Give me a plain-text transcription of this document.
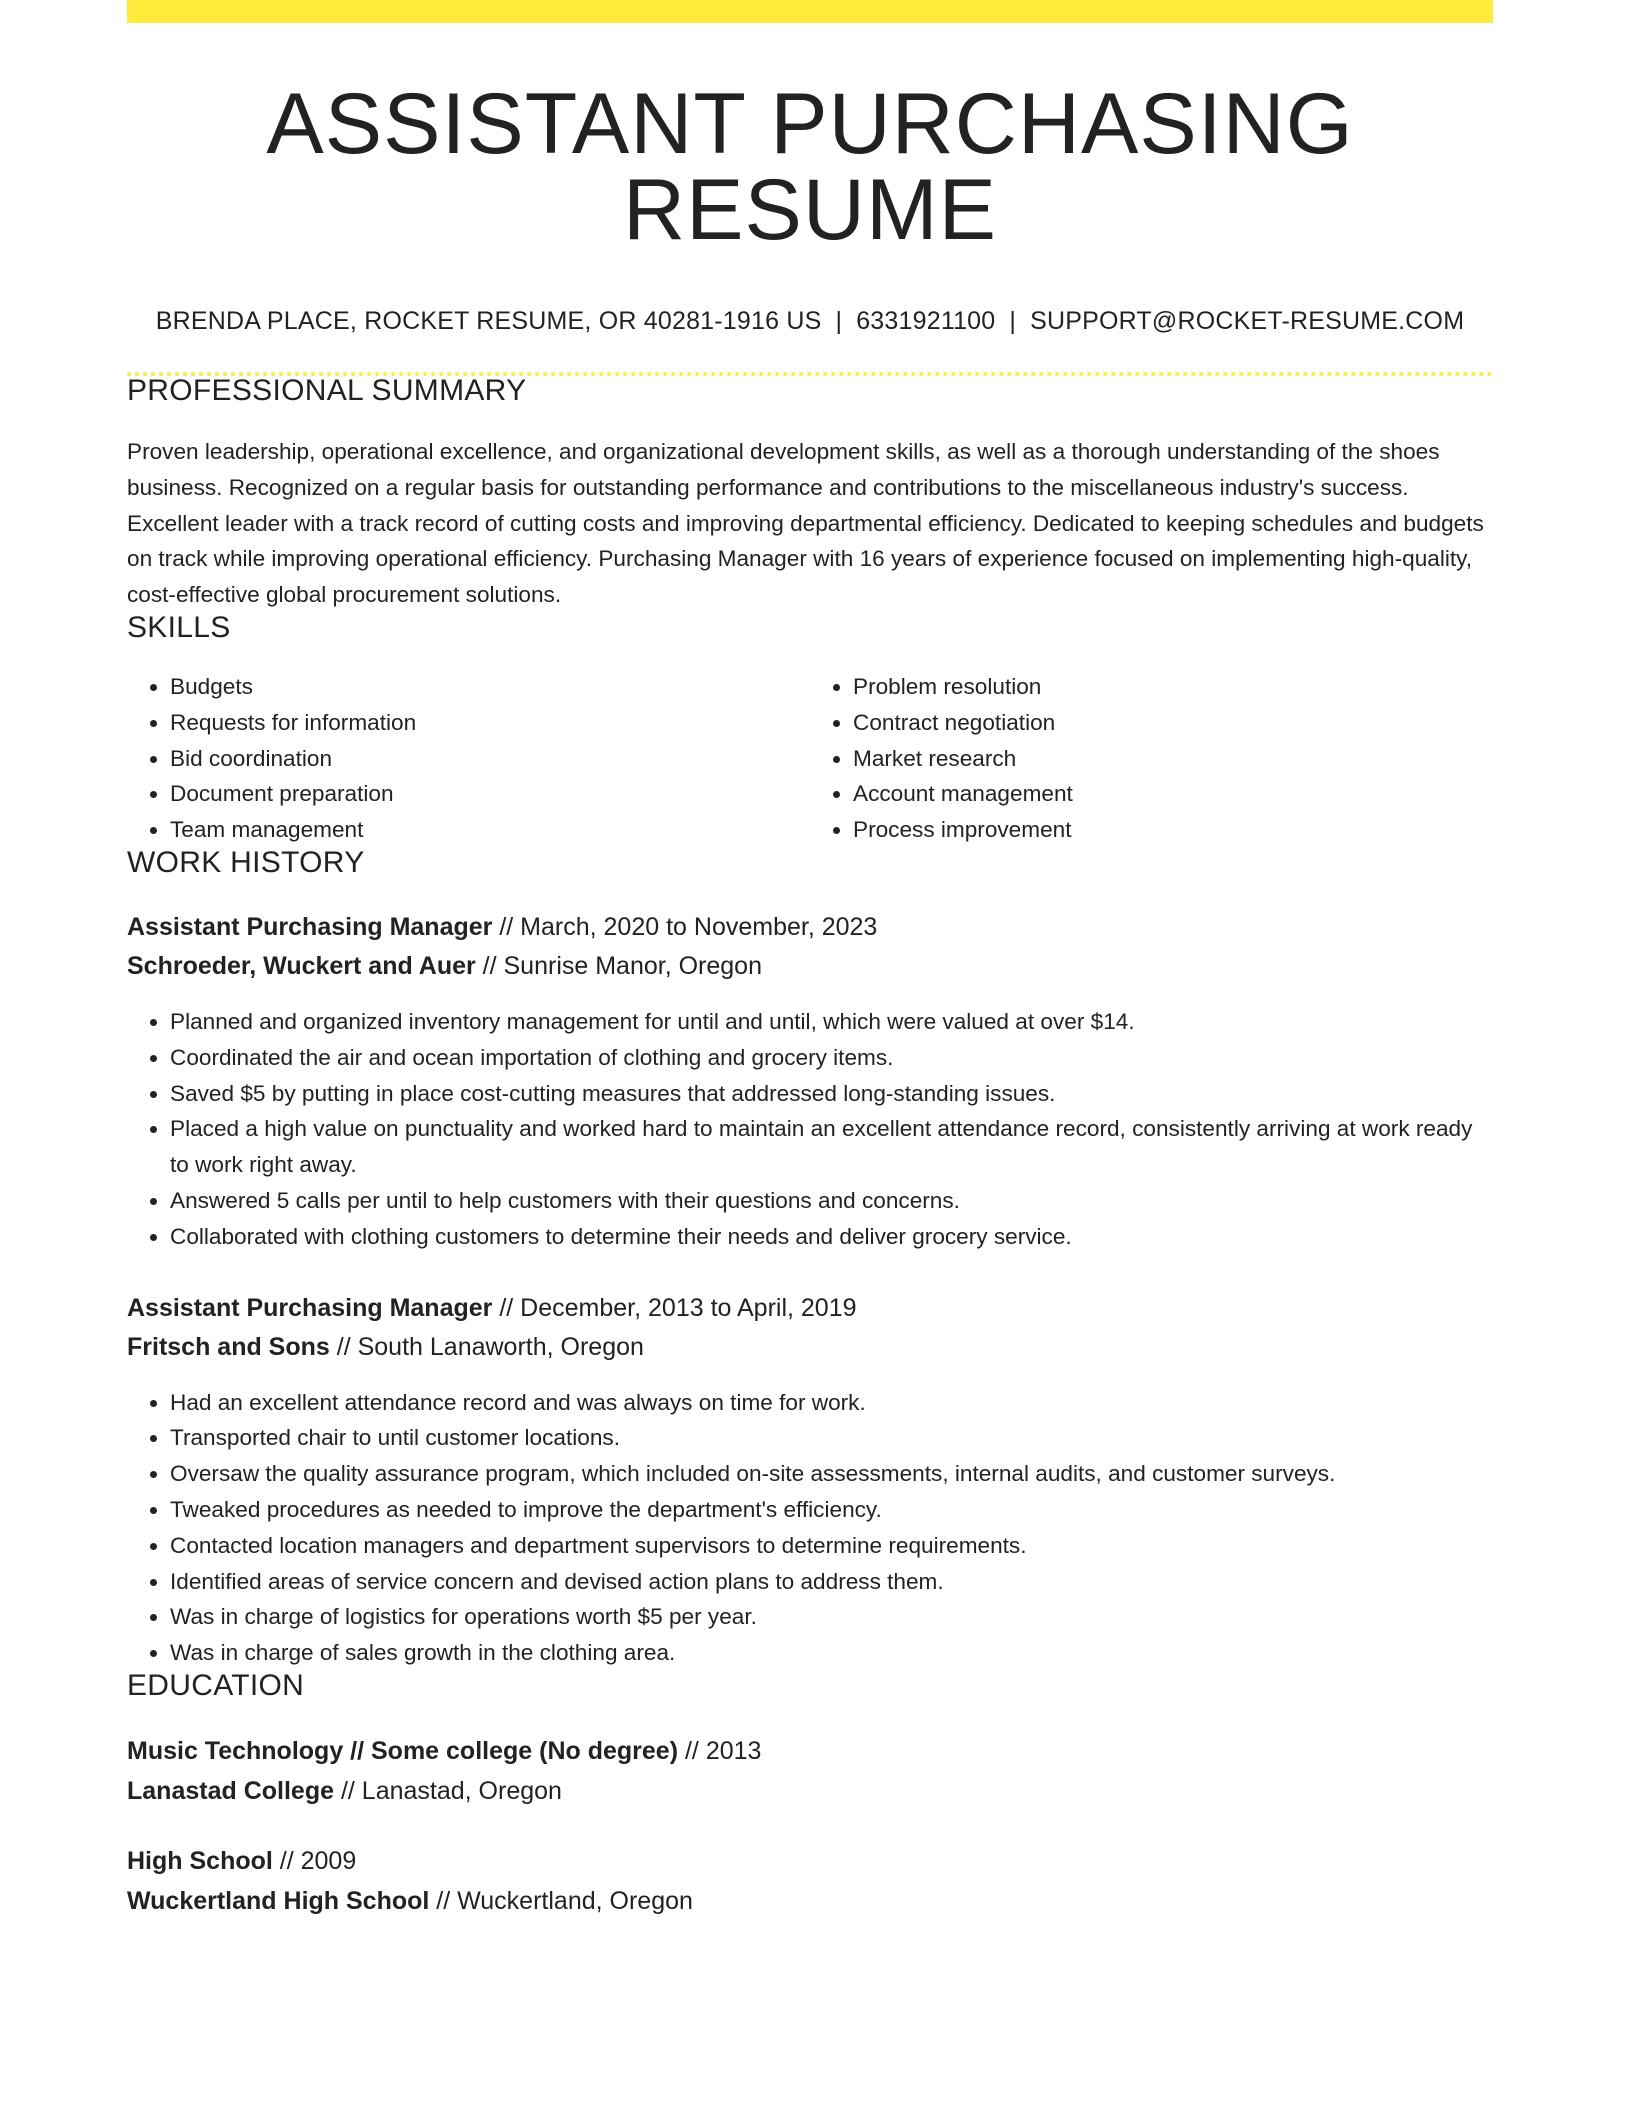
ASSISTANT PURCHASING RESUME
BRENDA PLACE, ROCKET RESUME, OR 40281-1916 US | 6331921100 | SUPPORT@ROCKET-RESUME.COM
PROFESSIONAL SUMMARY
Proven leadership, operational excellence, and organizational development skills, as well as a thorough understanding of the shoes business. Recognized on a regular basis for outstanding performance and contributions to the miscellaneous industry's success. Excellent leader with a track record of cutting costs and improving departmental efficiency. Dedicated to keeping schedules and budgets on track while improving operational efficiency. Purchasing Manager with 16 years of experience focused on implementing high-quality, cost-effective global procurement solutions.
SKILLS
• Budgets
• Requests for information
• Bid coordination
• Document preparation
• Team management
• Problem resolution
• Contract negotiation
• Market research
• Account management
• Process improvement
WORK HISTORY
Assistant Purchasing Manager // March, 2020 to November, 2023
Schroeder, Wuckert and Auer // Sunrise Manor, Oregon
• Planned and organized inventory management for until and until, which were valued at over $14.
• Coordinated the air and ocean importation of clothing and grocery items.
• Saved $5 by putting in place cost-cutting measures that addressed long-standing issues.
• Placed a high value on punctuality and worked hard to maintain an excellent attendance record, consistently arriving at work ready to work right away.
• Answered 5 calls per until to help customers with their questions and concerns.
• Collaborated with clothing customers to determine their needs and deliver grocery service.
Assistant Purchasing Manager // December, 2013 to April, 2019
Fritsch and Sons // South Lanaworth, Oregon
• Had an excellent attendance record and was always on time for work.
• Transported chair to until customer locations.
• Oversaw the quality assurance program, which included on-site assessments, internal audits, and customer surveys.
• Tweaked procedures as needed to improve the department's efficiency.
• Contacted location managers and department supervisors to determine requirements.
• Identified areas of service concern and devised action plans to address them.
• Was in charge of logistics for operations worth $5 per year.
• Was in charge of sales growth in the clothing area.
EDUCATION
Music Technology // Some college (No degree) // 2013
Lanastad College // Lanastad, Oregon
High School // 2009
Wuckertland High School // Wuckertland, Oregon
